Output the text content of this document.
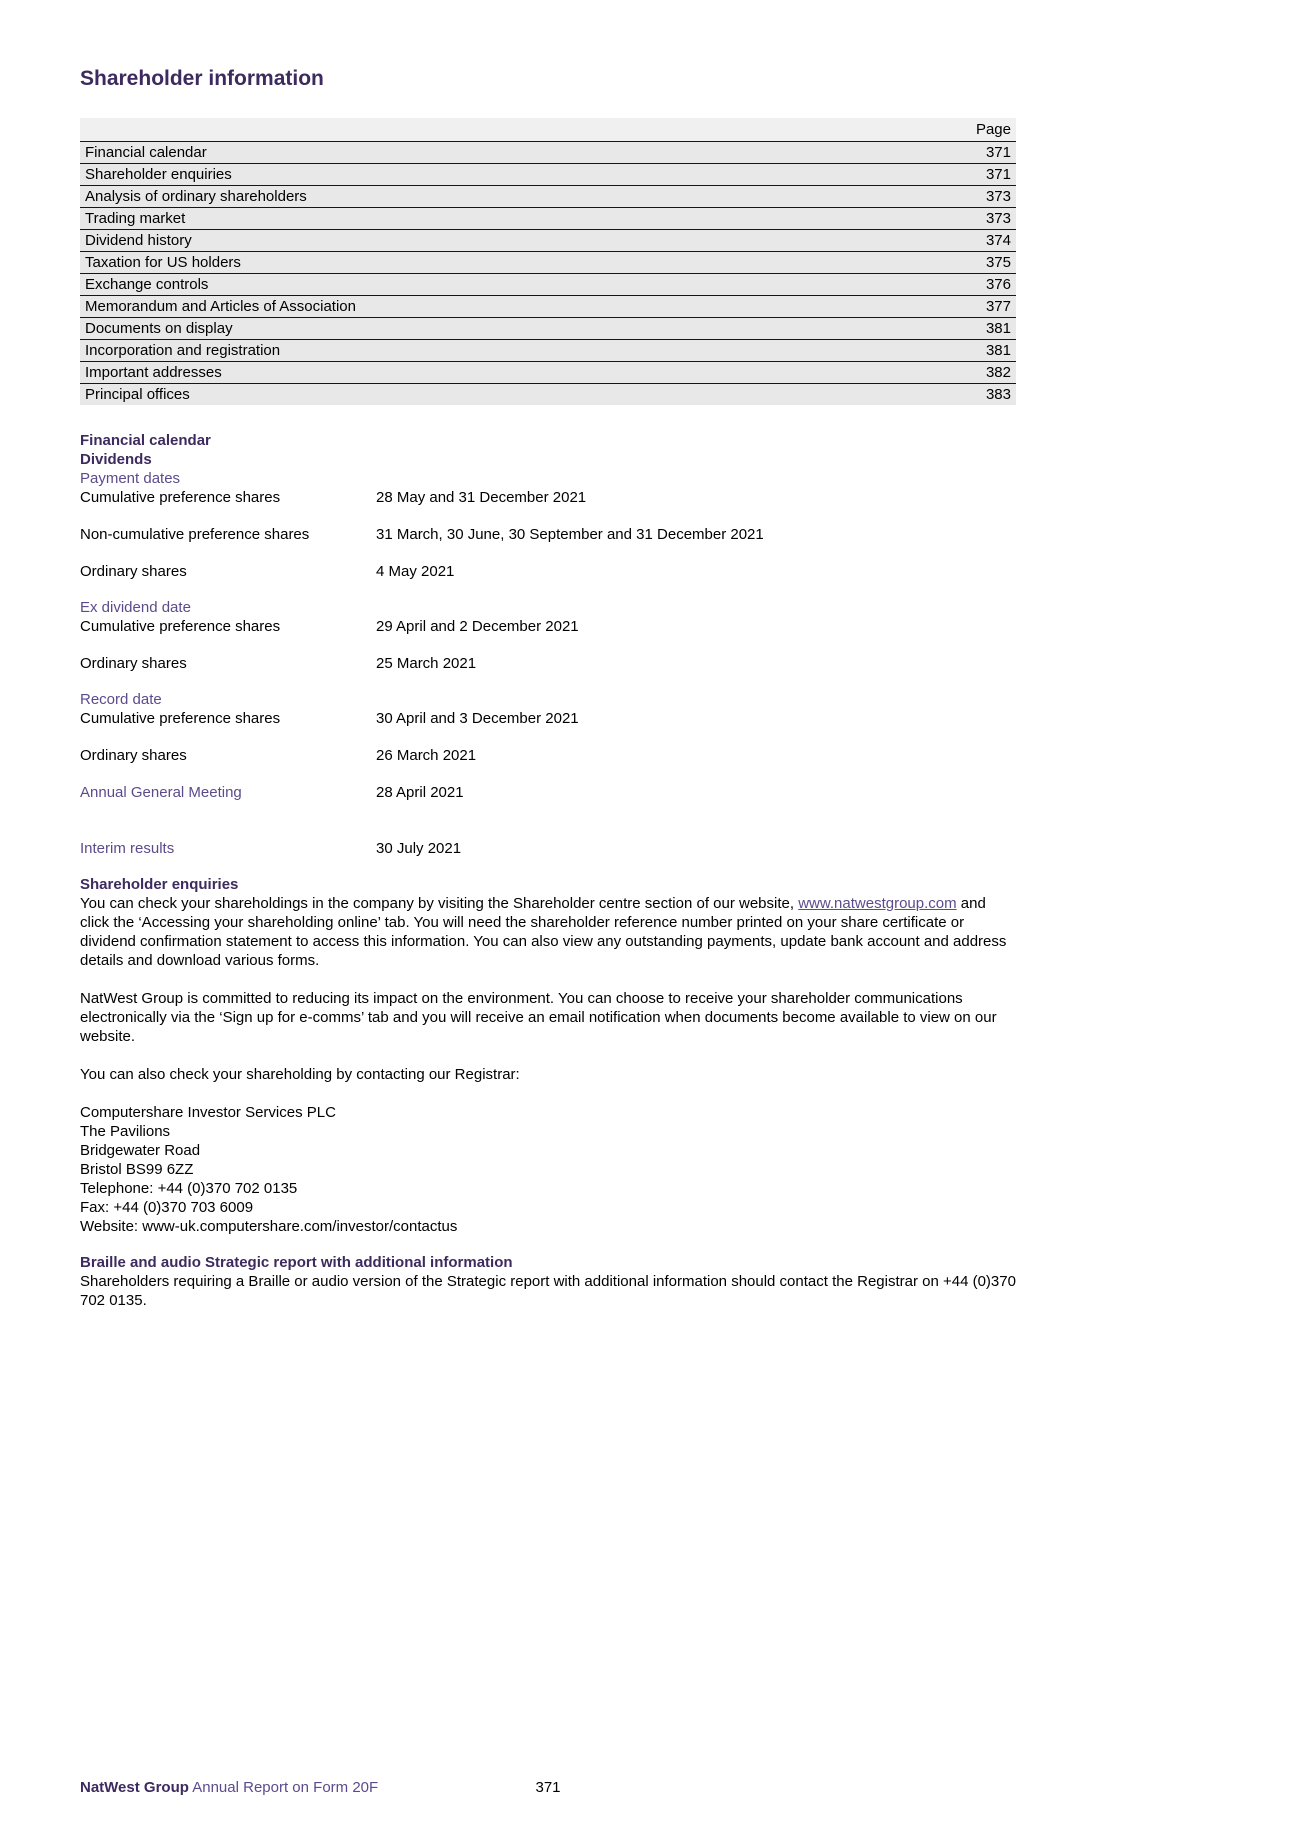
Shareholder information
Page
Financial calendar	371
Shareholder enquiries	371
Analysis of ordinary shareholders	373
Trading market	373
Dividend history	374
Taxation for US holders	375
Exchange controls	376
Memorandum and Articles of Association	377
Documents on display	381
Incorporation and registration	381
Important addresses	382
Principal offices	383
Financial calendar
Dividends
Payment dates
Cumulative preference shares	28 May and 31 December 2021
Non-cumulative preference shares	31 March, 30 June, 30 September and 31 December 2021
Ordinary shares	4 May 2021
Ex dividend date
Cumulative preference shares	29 April and 2 December 2021
Ordinary shares	25 March 2021
Record date
Cumulative preference shares	30 April and 3 December 2021
Ordinary shares	26 March 2021
Annual General Meeting	28 April 2021
Interim results	30 July 2021
Shareholder enquiries

You can check your shareholdings in the company by visiting the Shareholder centre section of our website, www.natwestgroup.com and click the ‘Accessing your shareholding online’ tab. You will need the shareholder reference number printed on your share certificate or dividend confirmation statement to access this information. You can also view any outstanding payments, update bank account and address details and download various forms.

NatWest Group is committed to reducing its impact on the environment. You can choose to receive your shareholder communications electronically via the ‘Sign up for e-comms’ tab and you will receive an email notification when documents become available to view on our website.

You can also check your shareholding by contacting our Registrar:

Computershare Investor Services PLC
The Pavilions
Bridgewater Road
Bristol BS99 6ZZ
Telephone: +44 (0)370 702 0135
Fax: +44 (0)370 703 6009
Website: www-uk.computershare.com/investor/contactus
Braille and audio Strategic report with additional information

Shareholders requiring a Braille or audio version of the Strategic report with additional information should contact the Registrar on +44 (0)370 702 0135.

NatWest Group Annual Report on Form 20F	371
